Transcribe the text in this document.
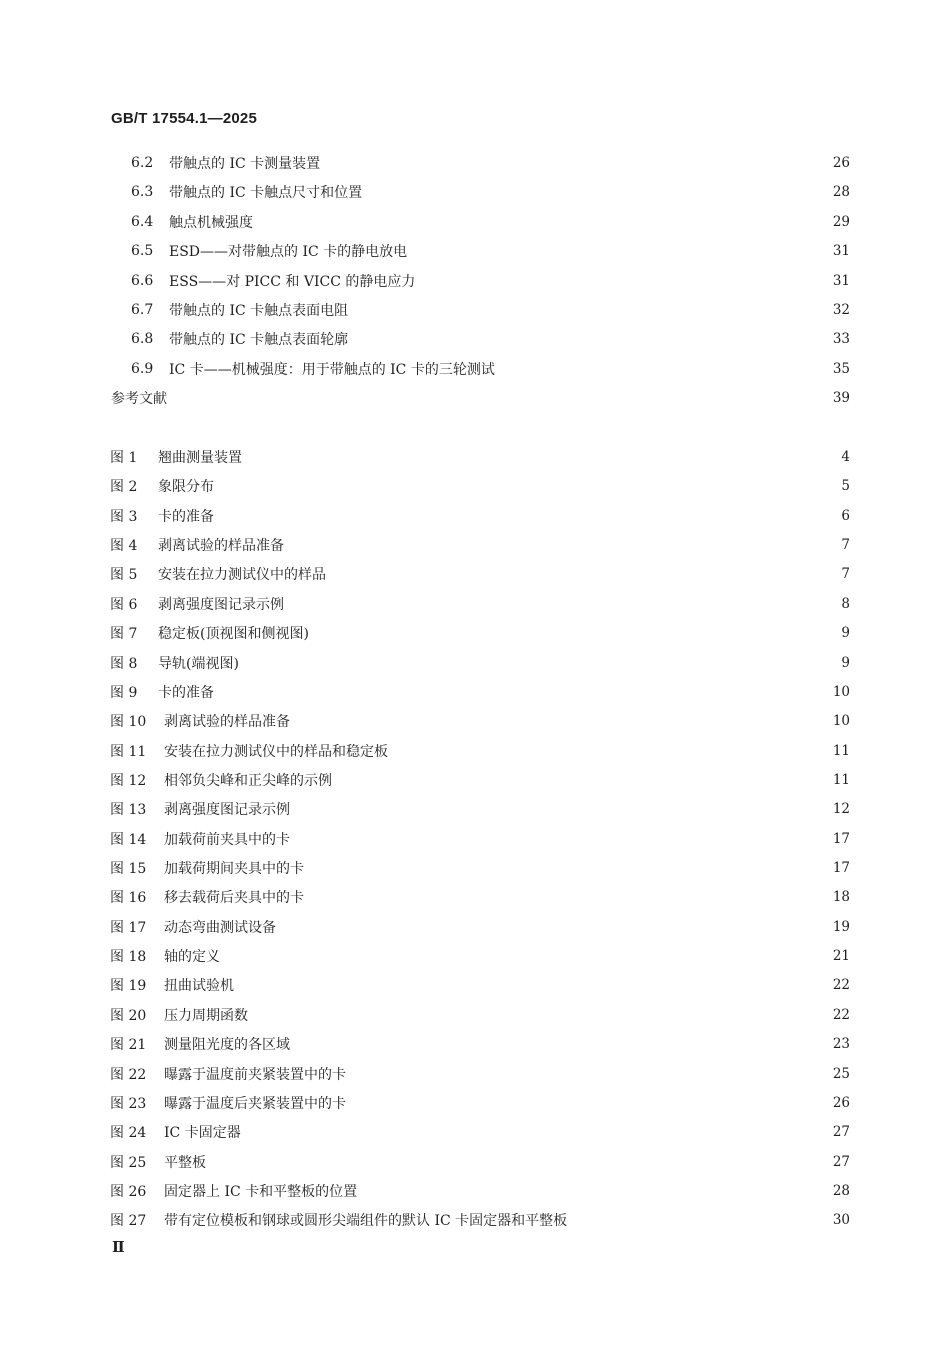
GB/T 17554.1—2025
6.2	带触点的 IC 卡测量装置	26
6.3	带触点的 IC 卡触点尺寸和位置	28
6.4	触点机械强度	29
6.5	ESD——对带触点的 IC 卡的静电放电	31
6.6	ESS——对 PICC 和 VICC 的静电应力	31
6.7	带触点的 IC 卡触点表面电阻	32
6.8	带触点的 IC 卡触点表面轮廓	33
6.9	IC 卡——机械强度：用于带触点的 IC 卡的三轮测试	35
参考文献	39
图 1	翘曲测量装置	4
图 2	象限分布	5
图 3	卡的准备	6
图 4	剥离试验的样品准备	7
图 5	安装在拉力测试仪中的样品	7
图 6	剥离强度图记录示例	8
图 7	稳定板(顶视图和侧视图)	9
图 8	导轨(端视图)	9
图 9	卡的准备	10
图 10	剥离试验的样品准备	10
图 11	安装在拉力测试仪中的样品和稳定板	11
图 12	相邻负尖峰和正尖峰的示例	11
图 13	剥离强度图记录示例	12
图 14	加载荷前夹具中的卡	17
图 15	加载荷期间夹具中的卡	17
图 16	移去载荷后夹具中的卡	18
图 17	动态弯曲测试设备	19
图 18	轴的定义	21
图 19	扭曲试验机	22
图 20	压力周期函数	22
图 21	测量阻光度的各区域	23
图 22	曝露于温度前夹紧装置中的卡	25
图 23	曝露于温度后夹紧装置中的卡	26
图 24	IC 卡固定器	27
图 25	平整板	27
图 26	固定器上 IC 卡和平整板的位置	28
图 27	带有定位模板和钢球或圆形尖端组件的默认 IC 卡固定器和平整板	30
Ⅱ
